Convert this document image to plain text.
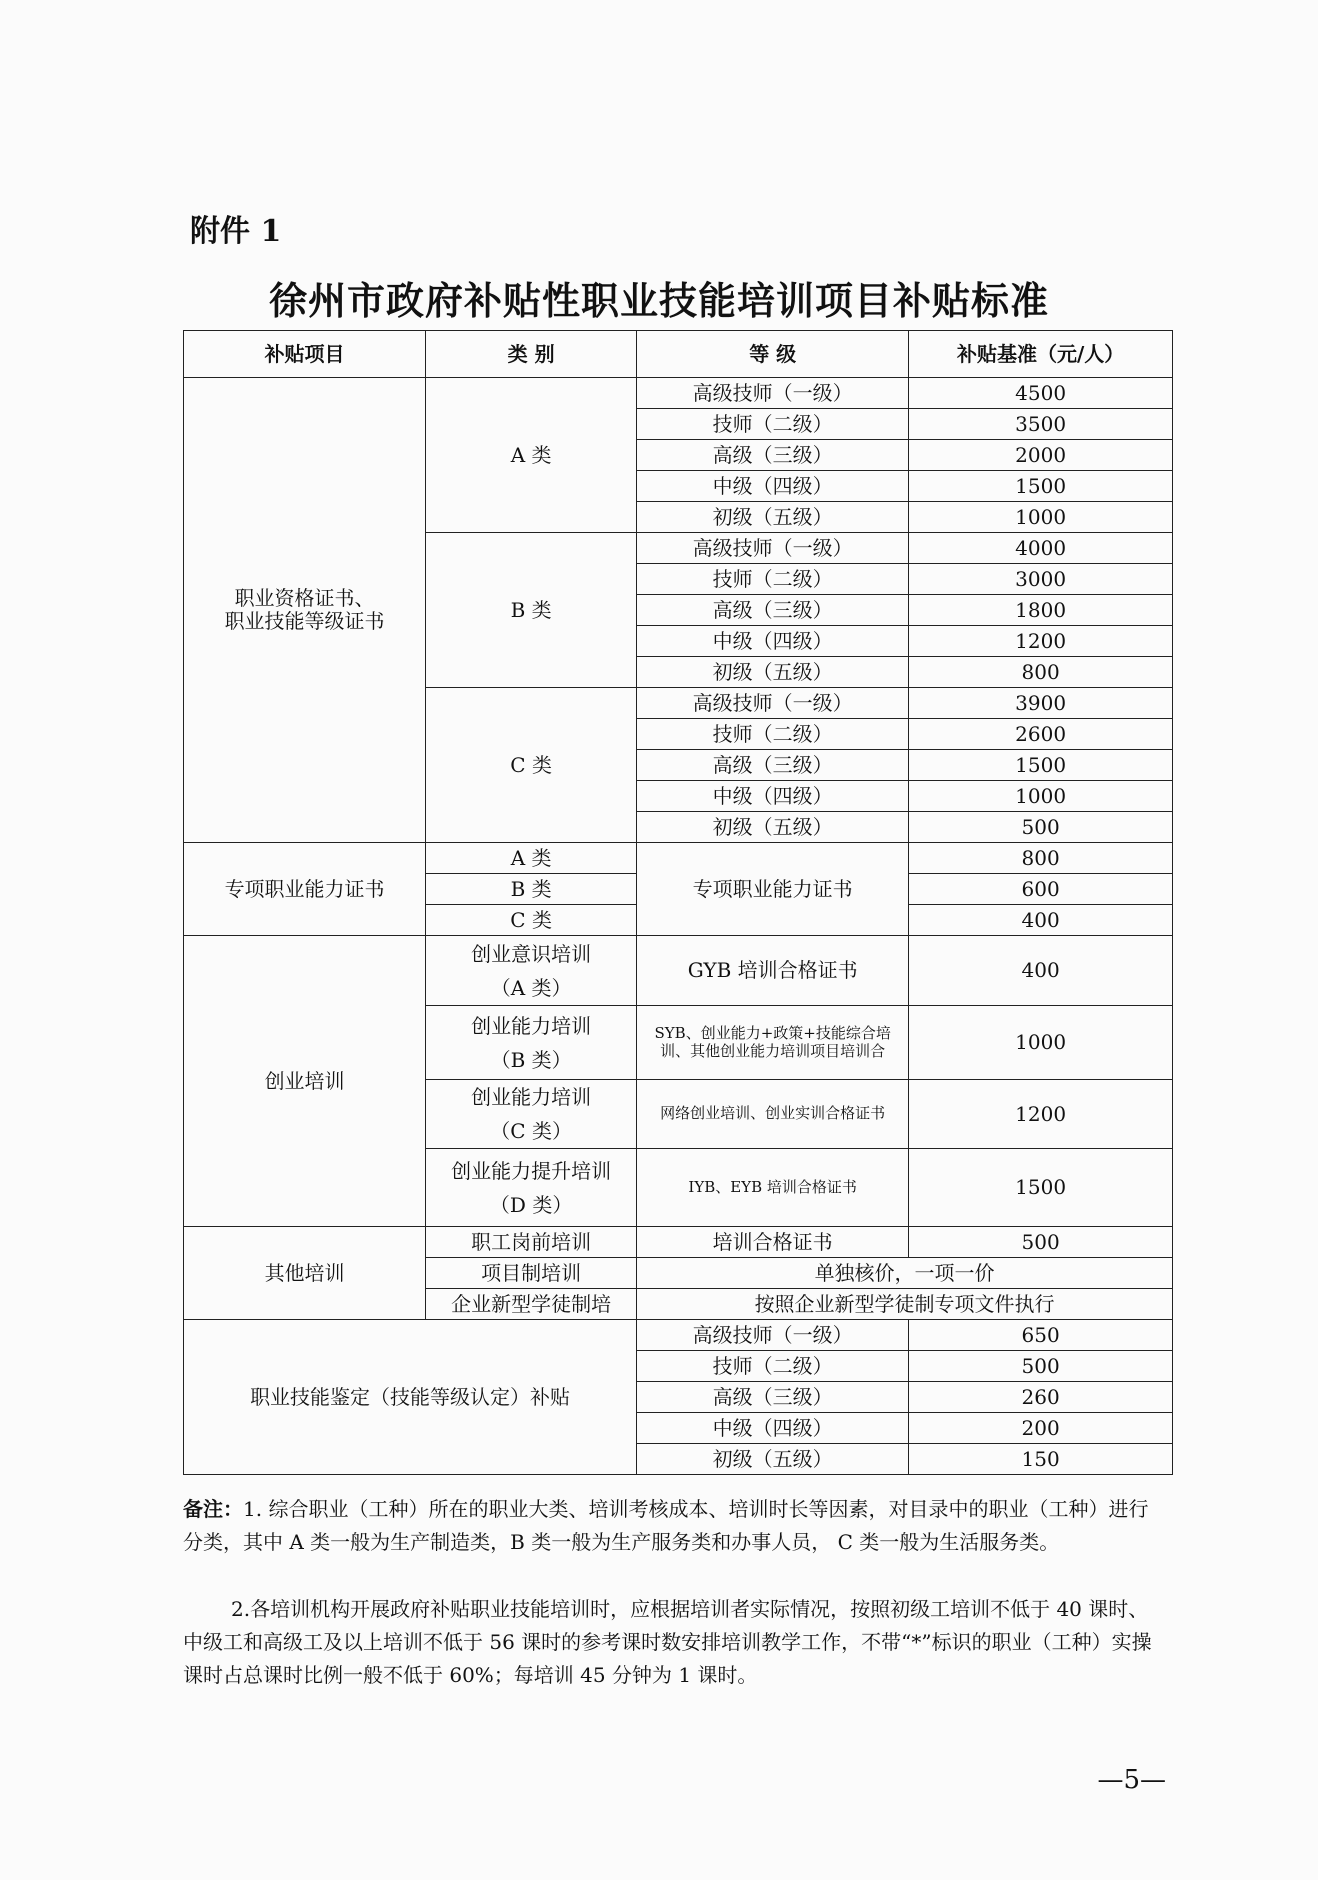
附件 1
徐州市政府补贴性职业技能培训项目补贴标准
补贴项目	类 别	等 级	补贴基准（元/人）
职业资格证书、
职业技能等级证书	A 类	高级技师（一级）	4500
		技师（二级）	3500
		高级（三级）	2000
		中级（四级）	1500
		初级（五级）	1000
	B 类	高级技师（一级）	4000
		技师（二级）	3000
		高级（三级）	1800
		中级（四级）	1200
		初级（五级）	800
	C 类	高级技师（一级）	3900
		技师（二级）	2600
		高级（三级）	1500
		中级（四级）	1000
		初级（五级）	500
专项职业能力证书	A 类	专项职业能力证书	800
	B 类		600
	C 类		400
创业培训	创业意识培训
（A 类）	GYB 培训合格证书	400
	创业能力培训
（B 类）	SYB、创业能力+政策+技能综合培
训、其他创业能力培训项目培训合	1000
	创业能力培训
（C 类）	网络创业培训、创业实训合格证书	1200
	创业能力提升培训
（D 类）	IYB、EYB 培训合格证书	1500
其他培训	职工岗前培训	培训合格证书	500
	项目制培训	单独核价，一项一价	
	企业新型学徒制培	按照企业新型学徒制专项文件执行	
职业技能鉴定（技能等级认定）补贴		高级技师（一级）	650
		技师（二级）	500
		高级（三级）	260
		中级（四级）	200
		初级（五级）	150
备注：1. 综合职业（工种）所在的职业大类、培训考核成本、培训时长等因素，对目录中的职业（工种）进行分类，其中 A 类一般为生产制造类，B 类一般为生产服务类和办事人员， C 类一般为生活服务类。
2.各培训机构开展政府补贴职业技能培训时，应根据培训者实际情况，按照初级工培训不低于 40 课时、中级工和高级工及以上培训不低于 56 课时的参考课时数安排培训教学工作，不带“*”标识的职业（工种）实操课时占总课时比例一般不低于 60%；每培训 45 分钟为 1 课时。
—5—
